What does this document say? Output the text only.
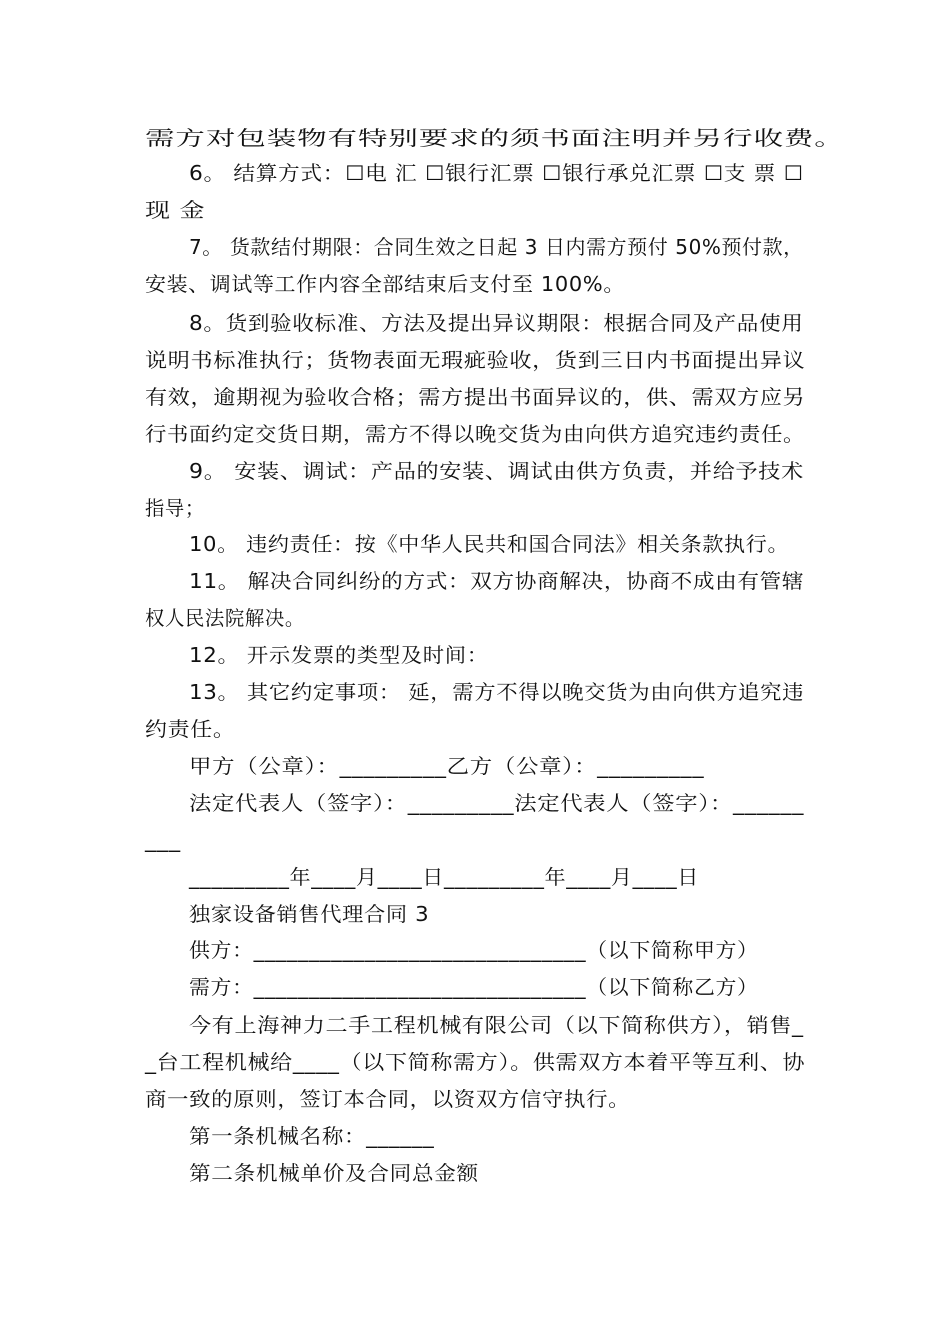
需方对包装物有特别要求的须书面注明并另行收费。
6。 结算方式：☐电 汇 ☐银行汇票 ☐银行承兑汇票 ☐支 票 ☐
现 金
7。 货款结付期限：合同生效之日起 3 日内需方预付 50%预付款，
安装、调试等工作内容全部结束后支付至 100%。
8。货到验收标准、方法及提出异议期限：根据合同及产品使用
说明书标准执行；货物表面无瑕疵验收，货到三日内书面提出异议
有效，逾期视为验收合格；需方提出书面异议的，供、需双方应另
行书面约定交货日期，需方不得以晚交货为由向供方追究违约责任。
9。 安装、调试：产品的安装、调试由供方负责，并给予技术
指导；
10。 违约责任：按《中华人民共和国合同法》相关条款执行。
11。 解决合同纠纷的方式：双方协商解决，协商不成由有管辖
权人民法院解决。
12。 开示发票的类型及时间：
13。 其它约定事项： 延，需方不得以晚交货为由向供方追究违
约责任。
甲方（公章）：_________乙方（公章）：_________
法定代表人（签字）：_________法定代表人（签字）：______
___
_________年____月____日_________年____月____日
独家设备销售代理合同 3
供方：______________________________（以下简称甲方）
需方：______________________________（以下简称乙方）
今有上海神力二手工程机械有限公司（以下简称供方），销售_
_台工程机械给____（以下简称需方）。供需双方本着平等互利、协
商一致的原则，签订本合同，以资双方信守执行。
第一条机械名称：______
第二条机械单价及合同总金额
